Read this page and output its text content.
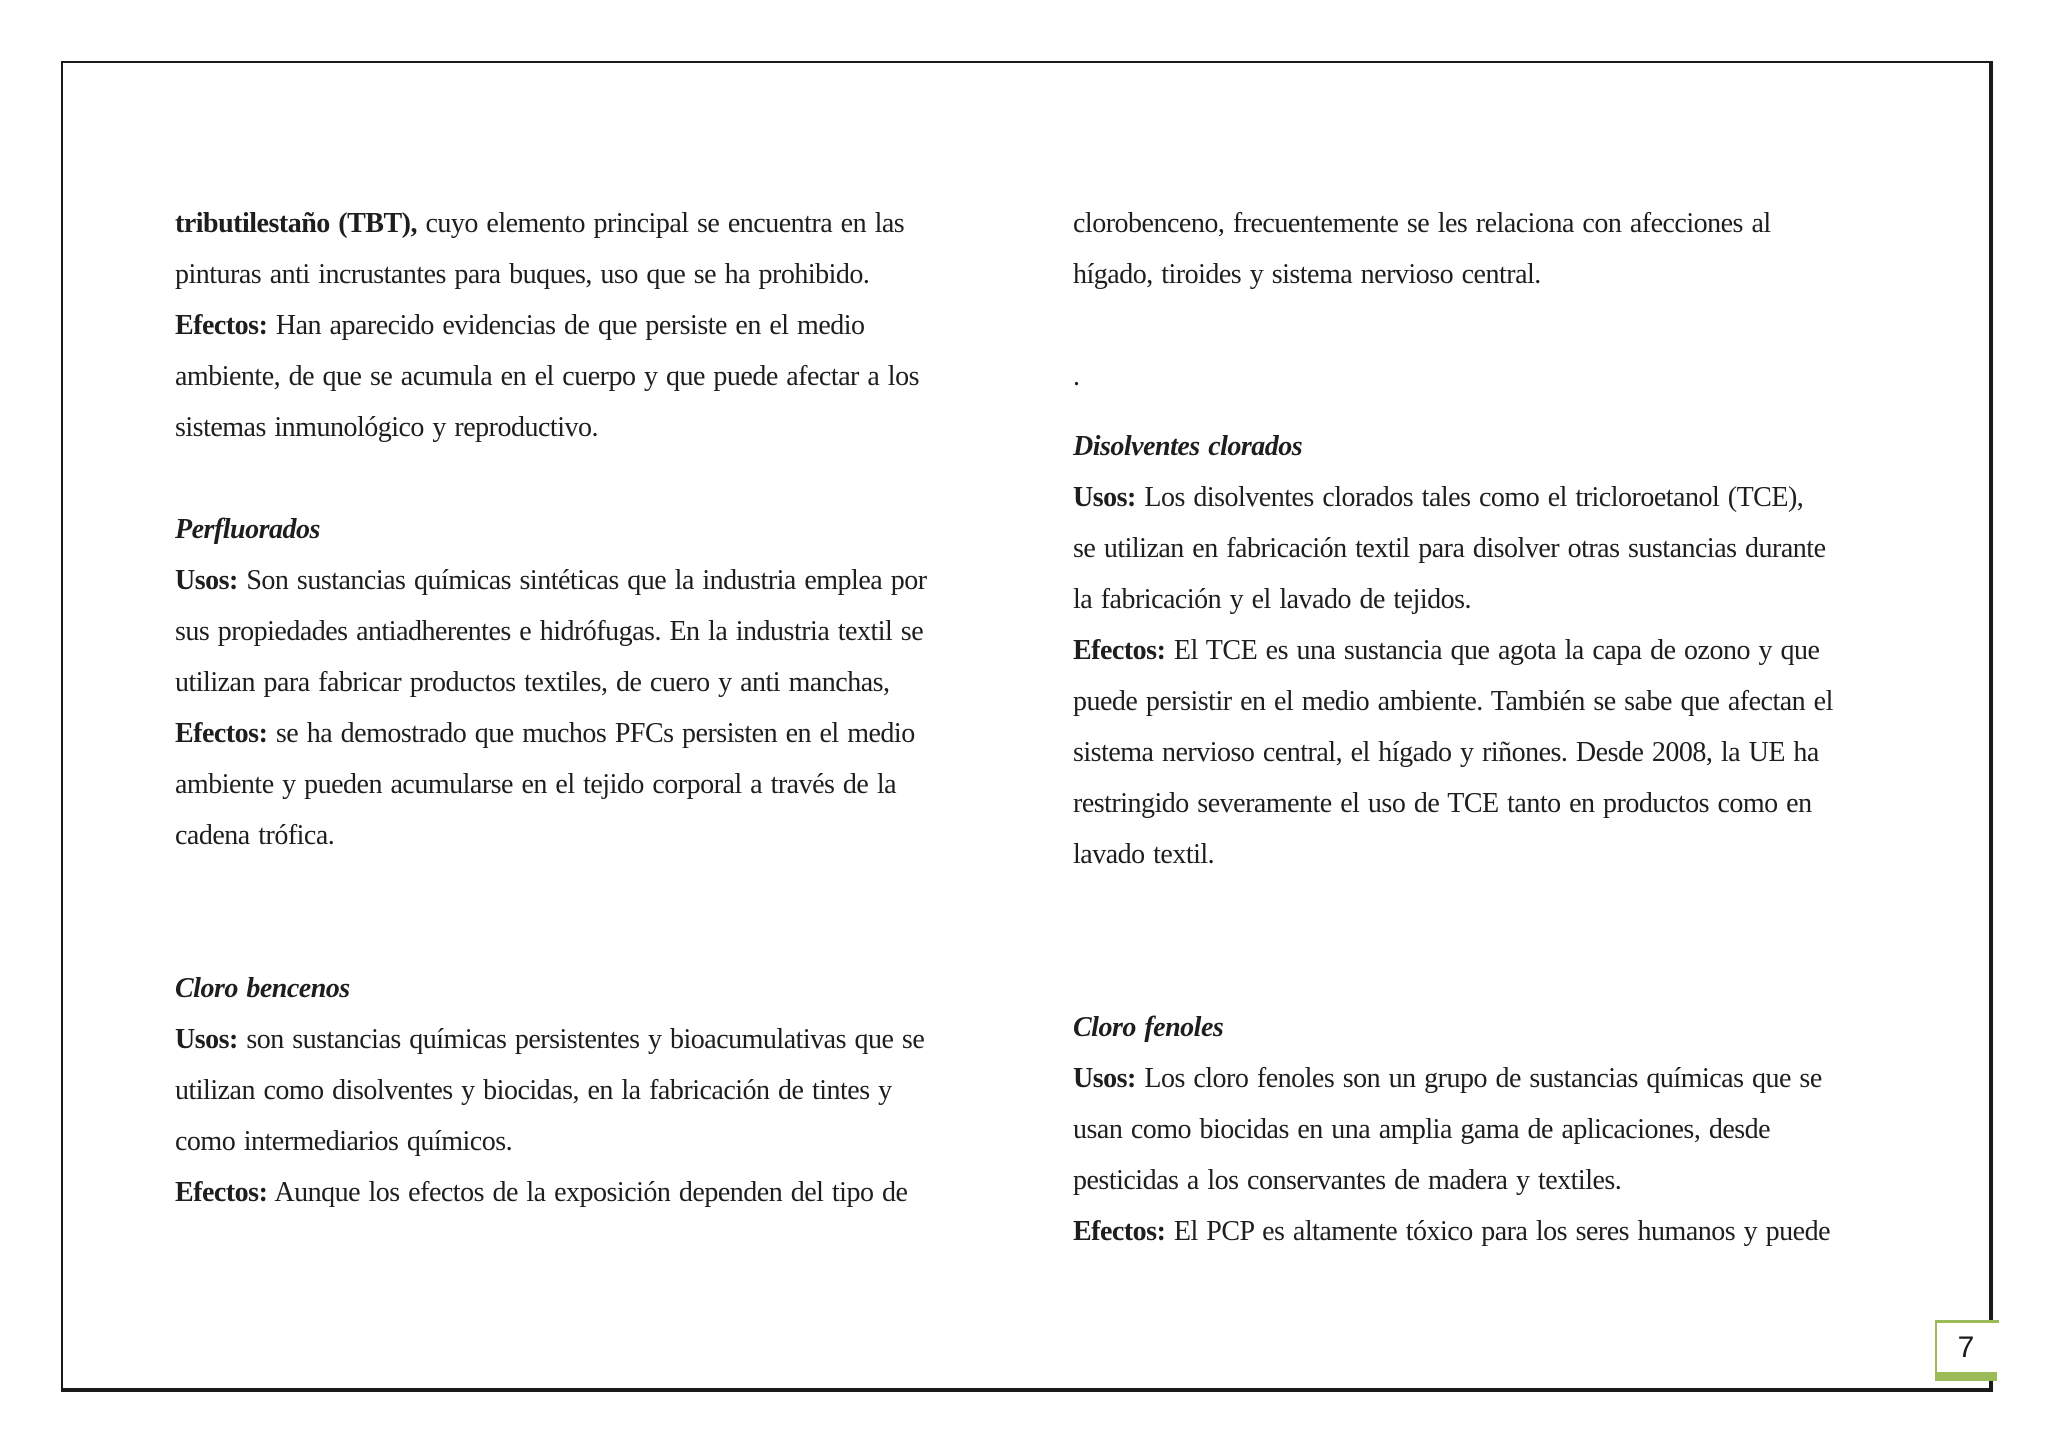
tributilestaño (TBT), cuyo elemento principal se encuentra en las
pinturas anti incrustantes para buques, uso que se ha prohibido.
Efectos: Han aparecido evidencias de que persiste en el medio
ambiente, de que se acumula en el cuerpo y que puede afectar a los
sistemas inmunológico y reproductivo.
Perfluorados
Usos: Son sustancias químicas sintéticas que la industria emplea por
sus propiedades antiadherentes e hidrófugas. En la industria textil se
utilizan para fabricar productos textiles, de cuero y anti manchas,
Efectos: se ha demostrado que muchos PFCs persisten en el medio
ambiente y pueden acumularse en el tejido corporal a través de la
cadena trófica.
Cloro bencenos
Usos: son sustancias químicas persistentes y bioacumulativas que se
utilizan como disolventes y biocidas, en la fabricación de tintes y
como intermediarios químicos.
Efectos: Aunque los efectos de la exposición dependen del tipo de
clorobenceno, frecuentemente se les relaciona con afecciones al
hígado, tiroides y sistema nervioso central.
.
Disolventes clorados
Usos: Los disolventes clorados tales como el tricloroetanol (TCE),
se utilizan en fabricación textil para disolver otras sustancias durante
la fabricación y el lavado de tejidos.
Efectos: El TCE es una sustancia que agota la capa de ozono y que
puede persistir en el medio ambiente. También se sabe que afectan el
sistema nervioso central, el hígado y riñones. Desde 2008, la UE ha
restringido severamente el uso de TCE tanto en productos como en
lavado textil.
Cloro fenoles
Usos: Los cloro fenoles son un grupo de sustancias químicas que se
usan como biocidas en una amplia gama de aplicaciones, desde
pesticidas a los conservantes de madera y textiles.
Efectos: El PCP es altamente tóxico para los seres humanos y puede
7
